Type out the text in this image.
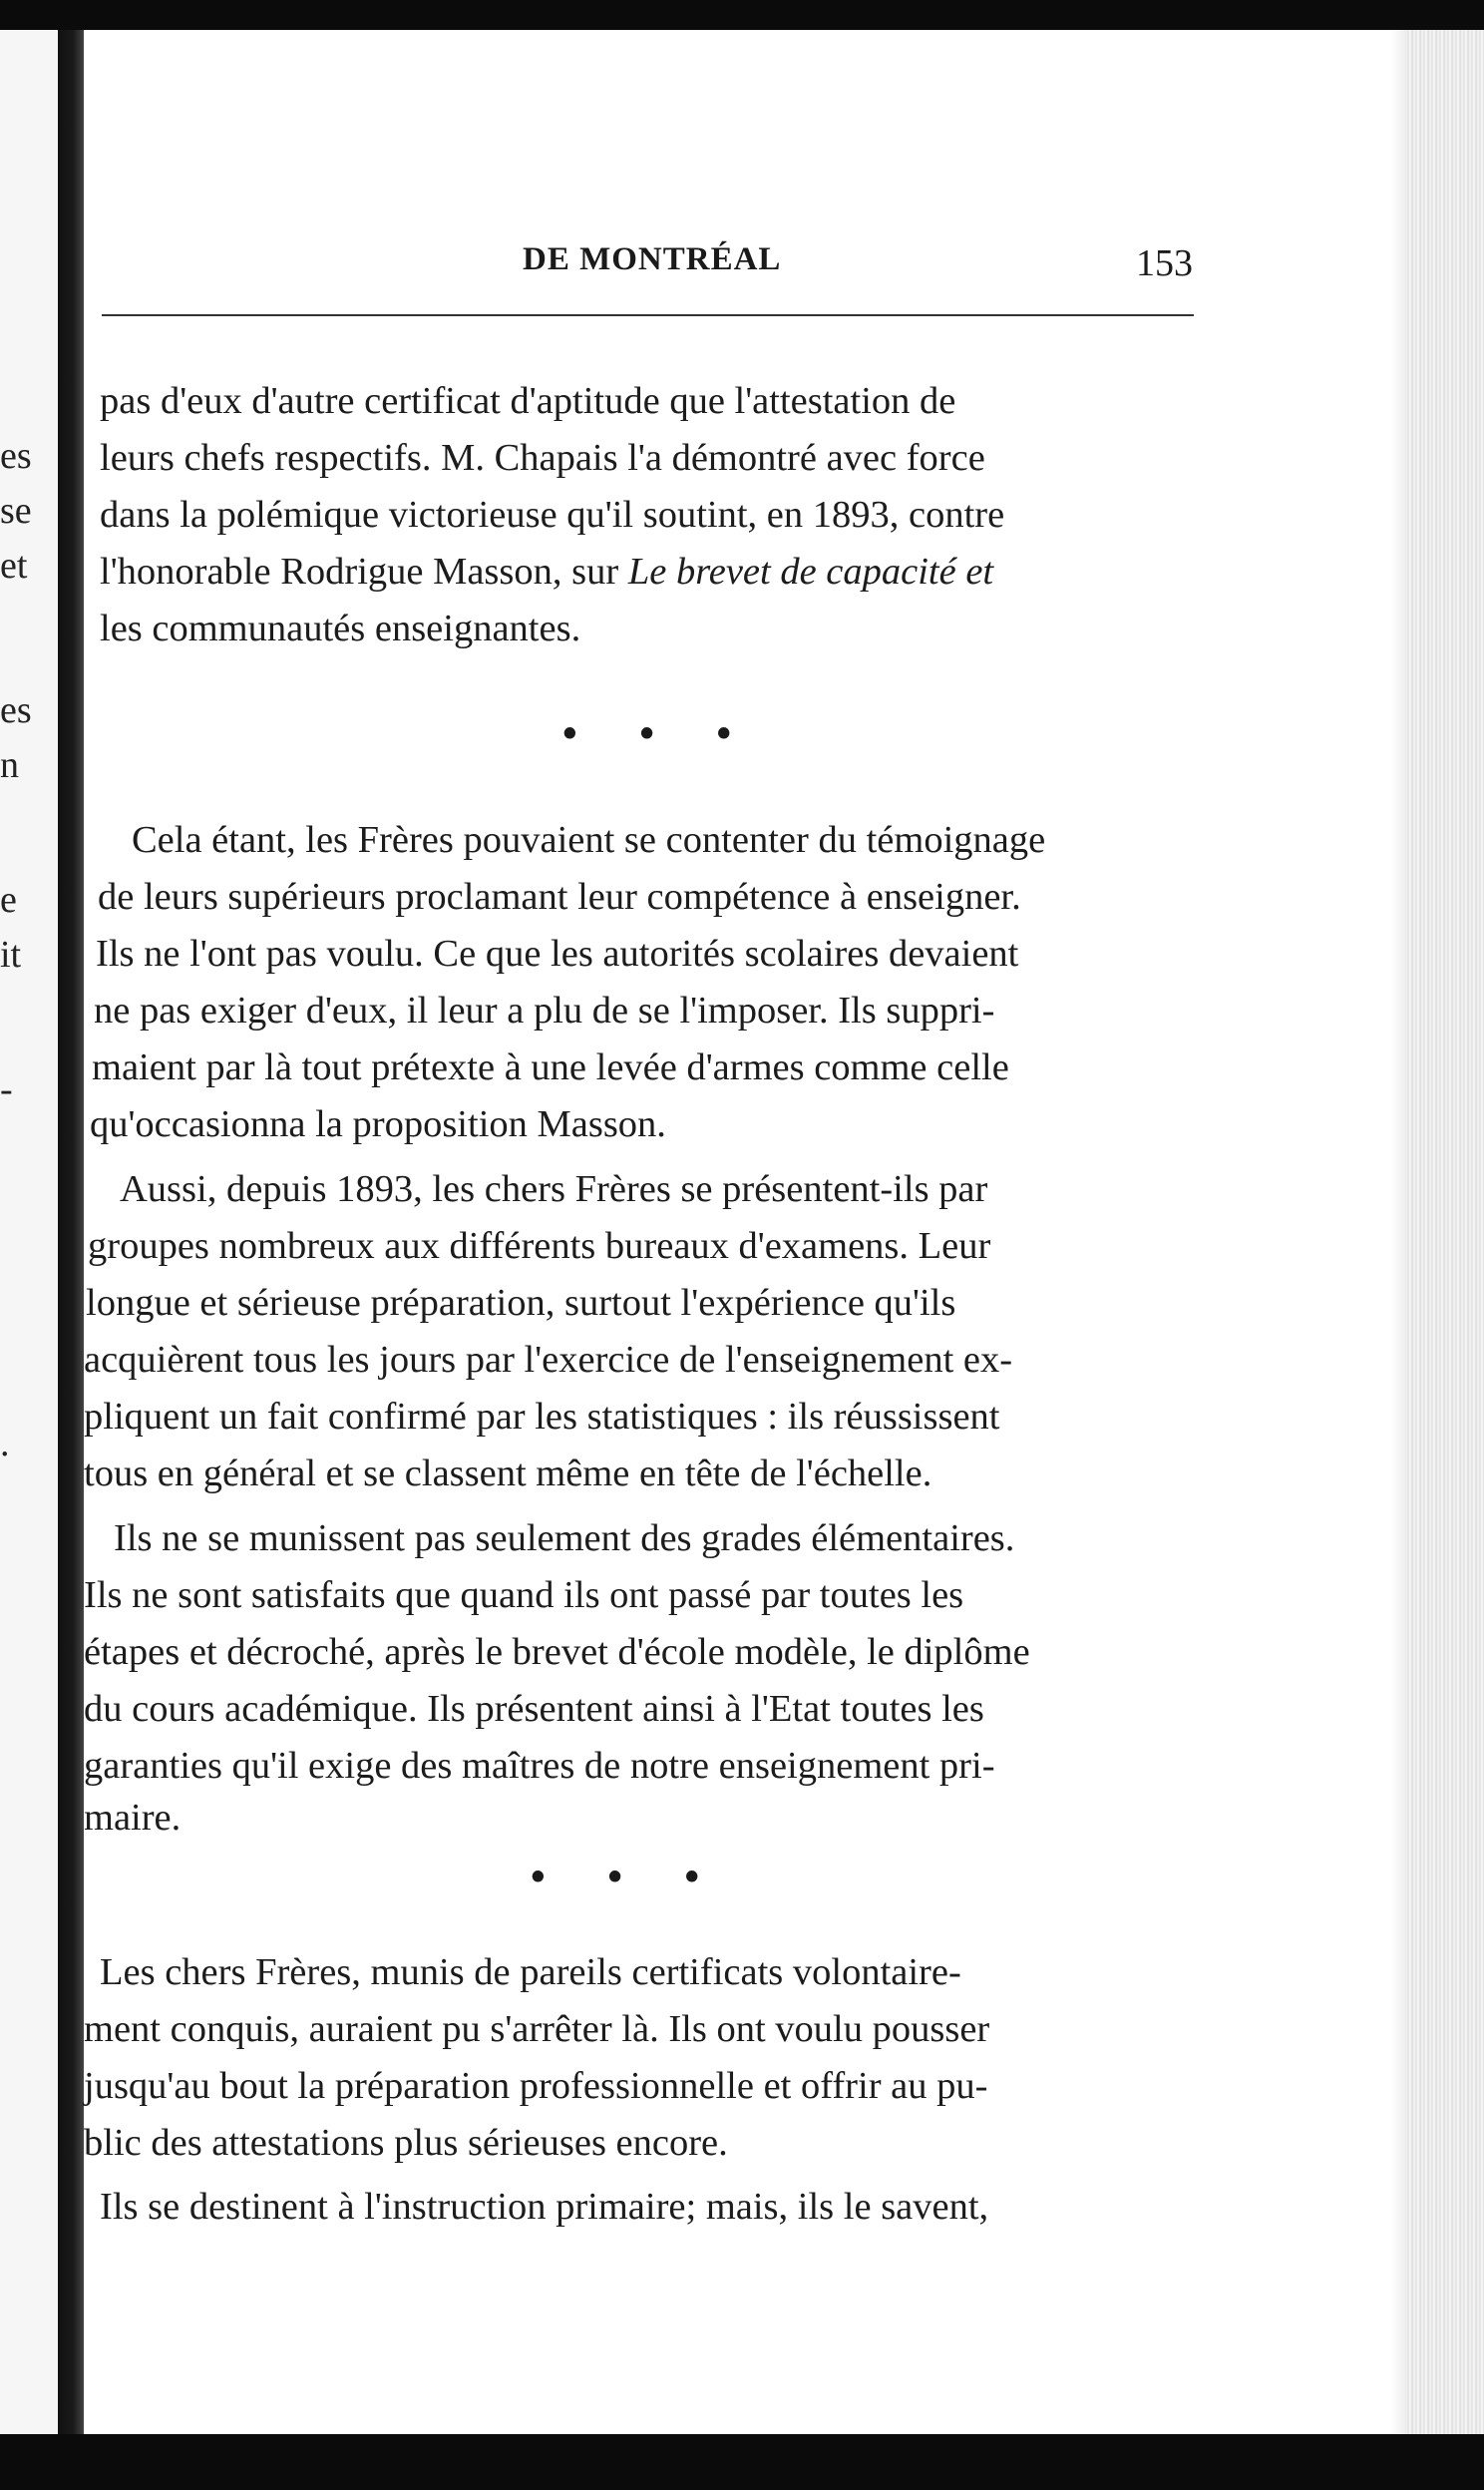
es
se
et
es
n
e
it
-
.
DE MONTRÉAL	153
pas d'eux d'autre certificat d'aptitude que l'attestation de
leurs chefs respectifs. M. Chapais l'a démontré avec force
dans la polémique victorieuse qu'il soutint, en 1893, contre
l'honorable Rodrigue Masson, sur Le brevet de capacité et
les communautés enseignantes.
• • •
Cela étant, les Frères pouvaient se contenter du témoignage
de leurs supérieurs proclamant leur compétence à enseigner.
Ils ne l'ont pas voulu. Ce que les autorités scolaires devaient
ne pas exiger d'eux, il leur a plu de se l'imposer. Ils suppri-
maient par là tout prétexte à une levée d'armes comme celle
qu'occasionna la proposition Masson.
Aussi, depuis 1893, les chers Frères se présentent-ils par
groupes nombreux aux différents bureaux d'examens. Leur
longue et sérieuse préparation, surtout l'expérience qu'ils
acquièrent tous les jours par l'exercice de l'enseignement ex-
pliquent un fait confirmé par les statistiques : ils réussissent
tous en général et se classent même en tête de l'échelle.
Ils ne se munissent pas seulement des grades élémentaires.
Ils ne sont satisfaits que quand ils ont passé par toutes les
étapes et décroché, après le brevet d'école modèle, le diplôme
du cours académique. Ils présentent ainsi à l'Etat toutes les
garanties qu'il exige des maîtres de notre enseignement pri-
maire.
• • •
Les chers Frères, munis de pareils certificats volontaire-
ment conquis, auraient pu s'arrêter là. Ils ont voulu pousser
jusqu'au bout la préparation professionnelle et offrir au pu-
blic des attestations plus sérieuses encore.
Ils se destinent à l'instruction primaire; mais, ils le savent,
